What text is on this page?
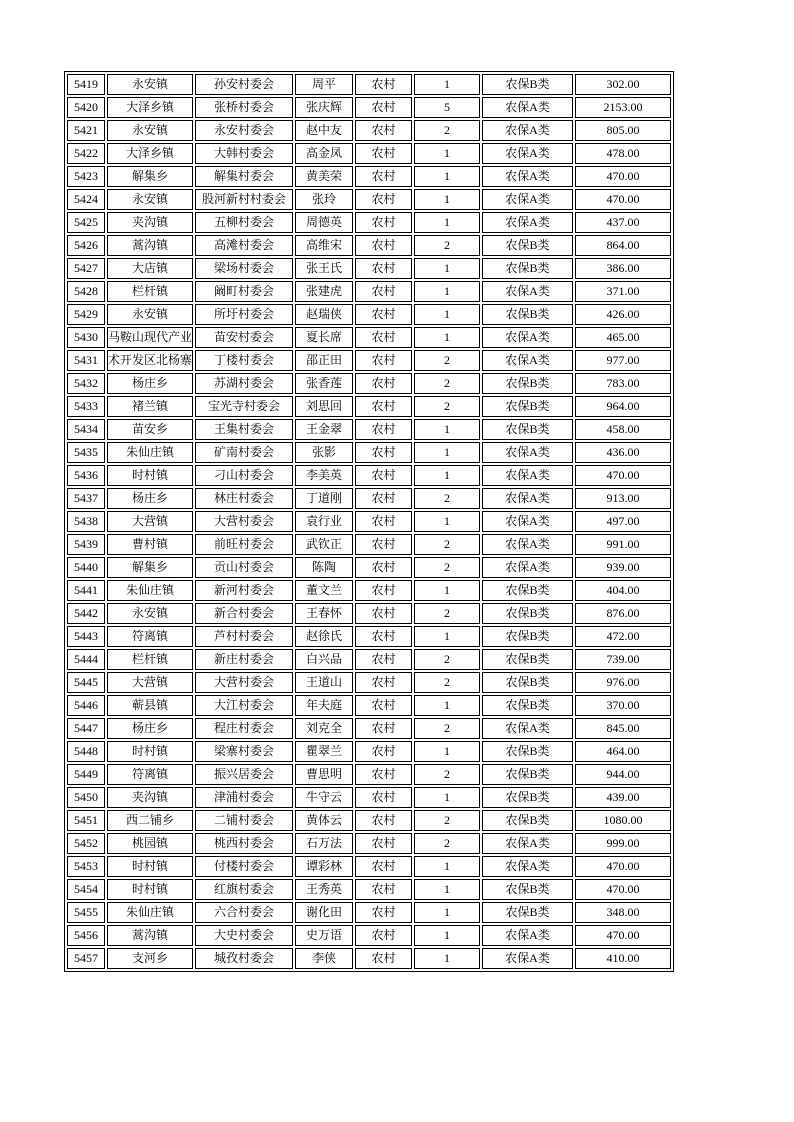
5419	永安镇	孙安村委会	周平	农村	1	农保B类	302.00
5420	大泽乡镇	张桥村委会	张庆辉	农村	5	农保A类	2153.00
5421	永安镇	永安村委会	赵中友	农村	2	农保A类	805.00
5422	大泽乡镇	大韩村委会	高金凤	农村	1	农保A类	478.00
5423	解集乡	解集村委会	黄美荣	农村	1	农保A类	470.00
5424	永安镇	股河新村村委会	张玲	农村	1	农保A类	470.00
5425	夹沟镇	五柳村委会	周德英	农村	1	农保A类	437.00
5426	蒿沟镇	高滩村委会	高维宋	农村	2	农保B类	864.00
5427	大店镇	梁场村委会	张王氏	农村	1	农保B类	386.00
5428	栏杆镇	阚町村委会	张建虎	农村	1	农保A类	371.00
5429	永安镇	所圩村委会	赵瑞侠	农村	1	农保B类	426.00
5430	马鞍山现代产业	苗安村委会	夏长席	农村	1	农保A类	465.00
5431	术开发区北杨寨	丁楼村委会	邵正田	农村	2	农保A类	977.00
5432	杨庄乡	苏湖村委会	张香莲	农村	2	农保B类	783.00
5433	褚兰镇	宝光寺村委会	刘思回	农村	2	农保B类	964.00
5434	苗安乡	王集村委会	王金翠	农村	1	农保B类	458.00
5435	朱仙庄镇	矿南村委会	张影	农村	1	农保A类	436.00
5436	时村镇	刁山村委会	李美英	农村	1	农保A类	470.00
5437	杨庄乡	林庄村委会	丁道刚	农村	2	农保A类	913.00
5438	大营镇	大营村委会	袁行业	农村	1	农保A类	497.00
5439	曹村镇	前旺村委会	武钦正	农村	2	农保A类	991.00
5440	解集乡	贡山村委会	陈陶	农村	2	农保A类	939.00
5441	朱仙庄镇	新河村委会	董文兰	农村	1	农保B类	404.00
5442	永安镇	新合村委会	王春怀	农村	2	农保B类	876.00
5443	符离镇	芦村村委会	赵徐氏	农村	1	农保B类	472.00
5444	栏杆镇	新庄村委会	白兴品	农村	2	农保B类	739.00
5445	大营镇	大营村委会	王道山	农村	2	农保B类	976.00
5446	蕲县镇	大江村委会	年夫庭	农村	1	农保B类	370.00
5447	杨庄乡	程庄村委会	刘克全	农村	2	农保A类	845.00
5448	时村镇	梁寨村委会	瞿翠兰	农村	1	农保B类	464.00
5449	符离镇	振兴居委会	曹思明	农村	2	农保B类	944.00
5450	夹沟镇	津浦村委会	牛守云	农村	1	农保B类	439.00
5451	西二铺乡	二铺村委会	黄体云	农村	2	农保B类	1080.00
5452	桃园镇	桃西村委会	石万法	农村	2	农保A类	999.00
5453	时村镇	付楼村委会	谭彩林	农村	1	农保A类	470.00
5454	时村镇	红旗村委会	王秀英	农村	1	农保B类	470.00
5455	朱仙庄镇	六合村委会	谢化田	农村	1	农保B类	348.00
5456	蒿沟镇	大史村委会	史万语	农村	1	农保A类	470.00
5457	支河乡	城孜村委会	李侠	农村	1	农保A类	410.00
